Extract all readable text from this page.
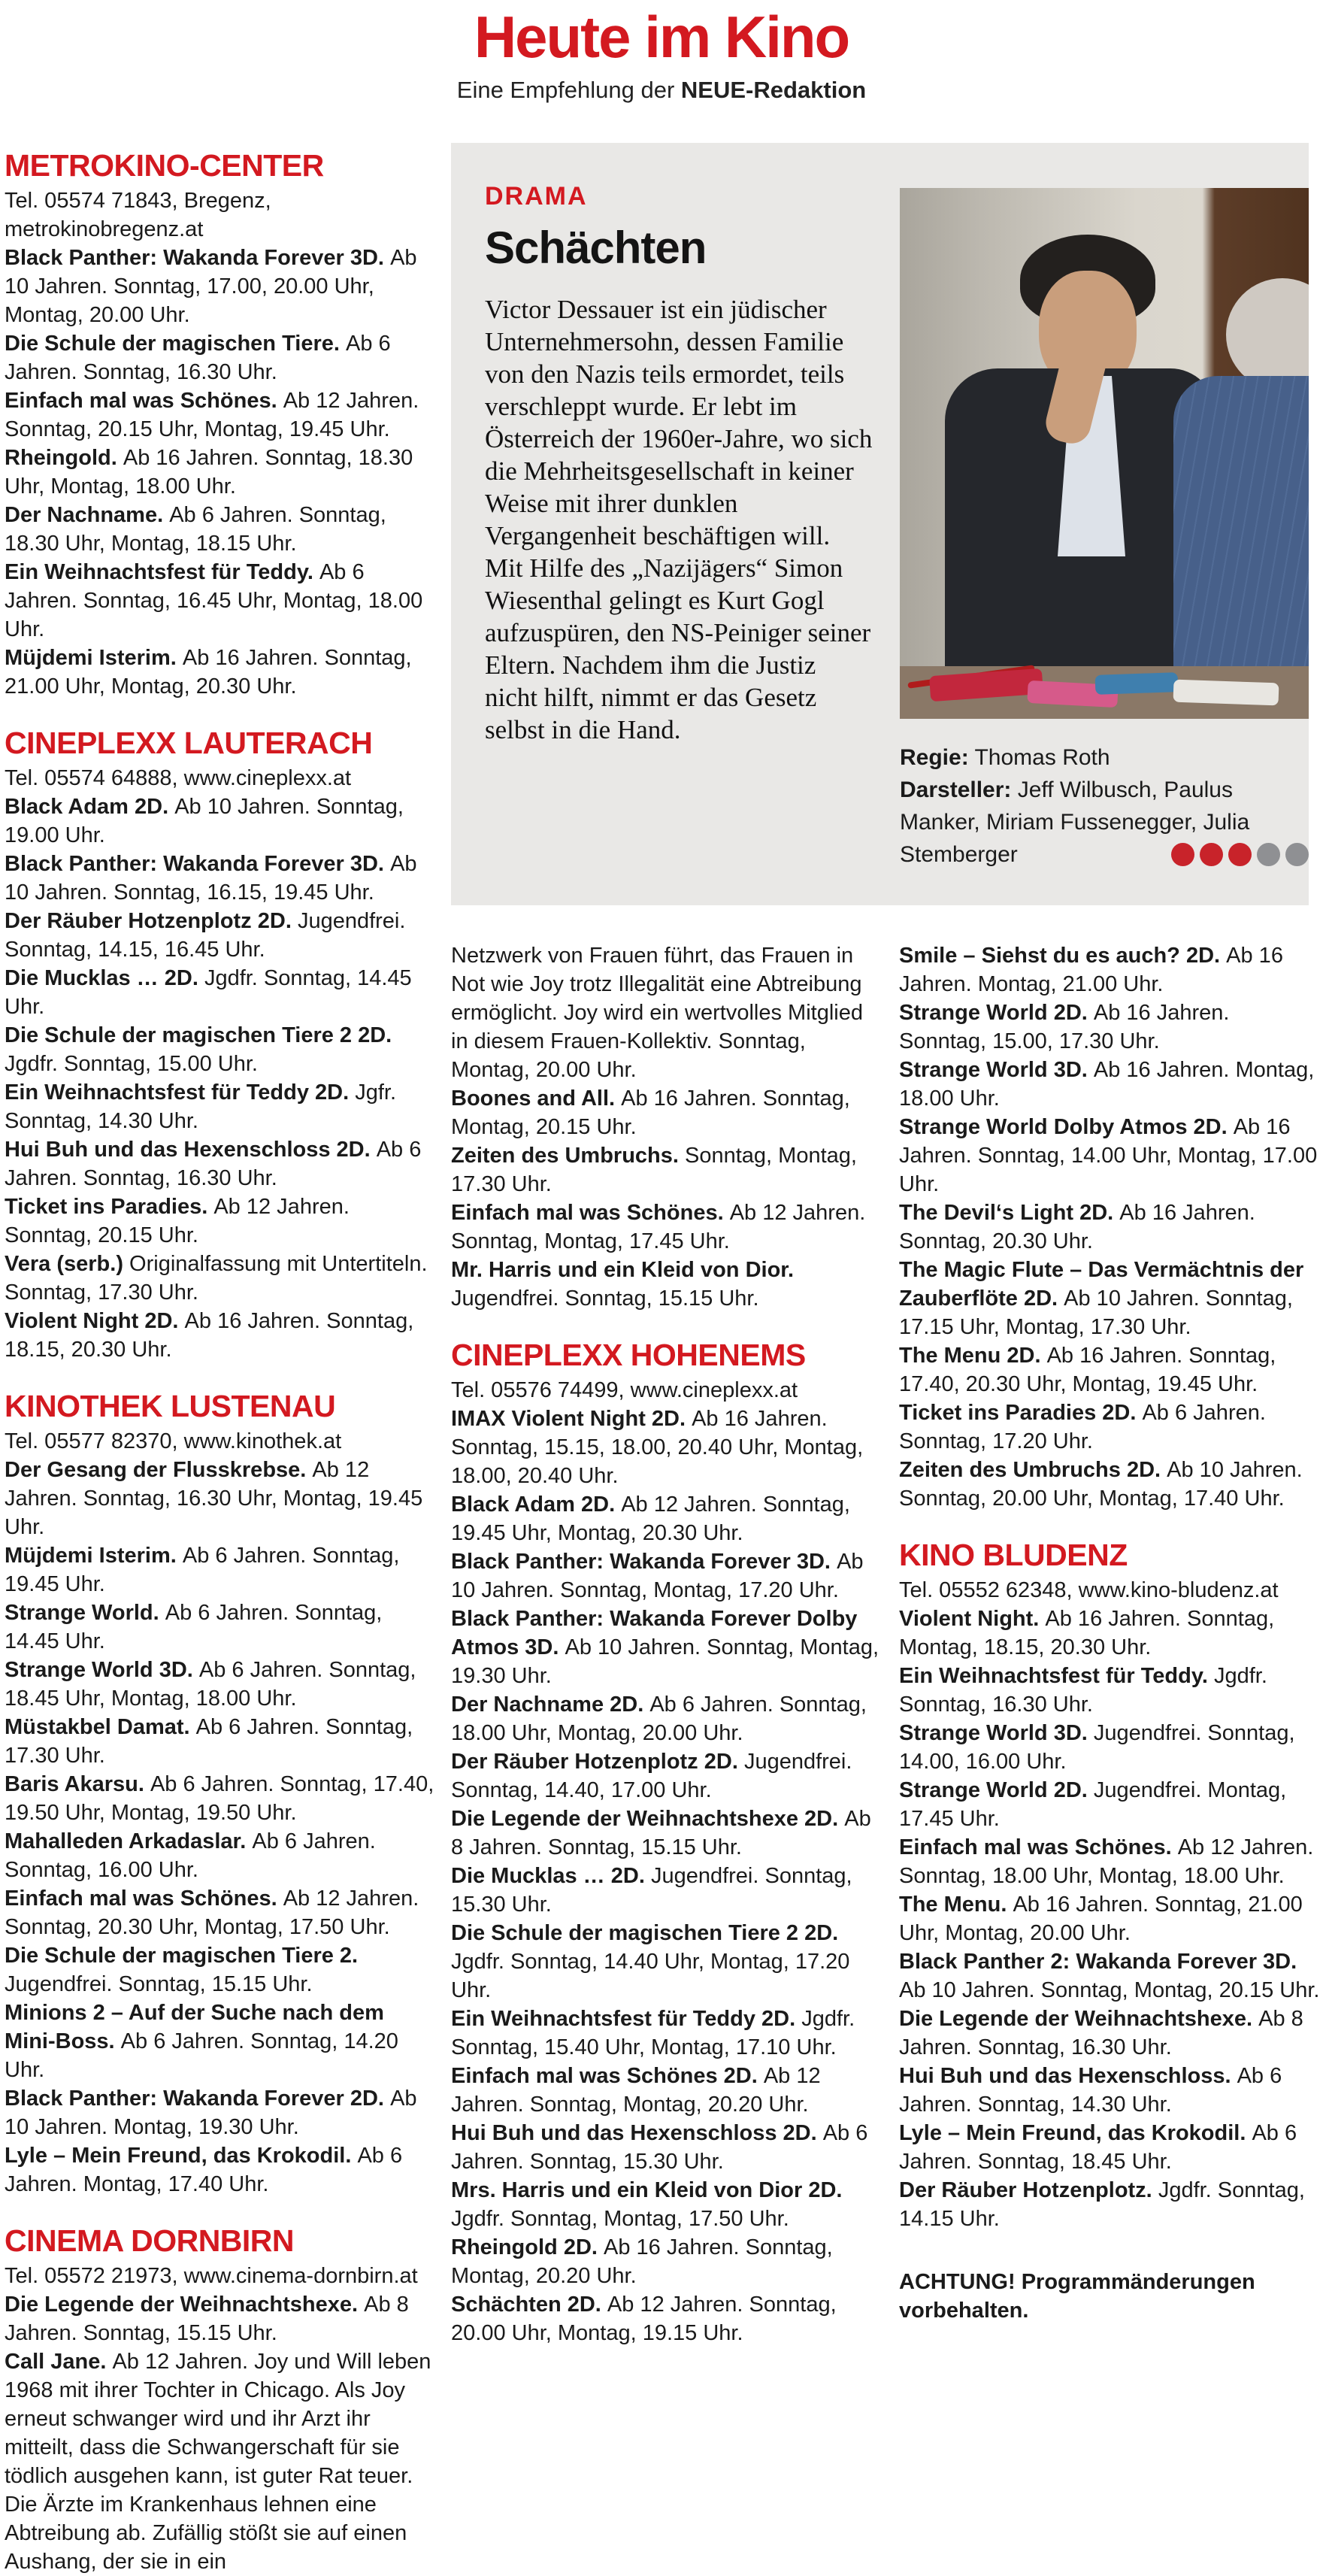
Heute im Kino

Eine Empfehlung der NEUE-Redaktion

DRAMA

Schächten

Victor Dessauer ist ein jüdischer Unternehmersohn, dessen Familie von den Nazis teils ermordet, teils verschleppt wurde. Er lebt im Österreich der 1960er-Jahre, wo sich die Mehrheitsgesellschaft in keiner Weise mit ihrer dunklen Vergangenheit beschäftigen will. Mit Hilfe des „Nazijägers“ Simon Wiesenthal gelingt es Kurt Gogl aufzuspüren, den NS-Peiniger seiner Eltern. Nachdem ihm die Justiz nicht hilft, nimmt er das Gesetz selbst in die Hand.

Regie: Thomas Roth
Darsteller: Jeff Wilbusch, Paulus Manker, Miriam Fussenegger, Julia Stemberger
METROKINO-CENTER

Tel. 05574 71843, Bregenz, metrokinobregenz.at

Black Panther: Wakanda Forever 3D. Ab 10 Jahren. Sonntag, 17.00, 20.00 Uhr, Montag, 20.00 Uhr.

Die Schule der magischen Tiere. Ab 6 Jahren. Sonntag, 16.30 Uhr.

Einfach mal was Schönes. Ab 12 Jahren. Sonntag, 20.15 Uhr, Montag, 19.45 Uhr.

Rheingold. Ab 16 Jahren. Sonntag, 18.30 Uhr, Montag, 18.00 Uhr.

Der Nachname. Ab 6 Jahren. Sonntag, 18.30 Uhr, Montag, 18.15 Uhr.

Ein Weihnachtsfest für Teddy. Ab 6 Jahren. Sonntag, 16.45 Uhr, Montag, 18.00 Uhr.

Müjdemi Isterim. Ab 16 Jahren. Sonntag, 21.00 Uhr, Montag, 20.30 Uhr.

CINEPLEXX LAUTERACH

Tel. 05574 64888, www.cineplexx.at

Black Adam 2D. Ab 10 Jahren. Sonntag, 19.00 Uhr.

Black Panther: Wakanda Forever 3D. Ab 10 Jahren. Sonntag, 16.15, 19.45 Uhr.

Der Räuber Hotzenplotz 2D. Jugendfrei. Sonntag, 14.15, 16.45 Uhr.

Die Mucklas … 2D. Jgdfr. Sonntag, 14.45 Uhr.

Die Schule der magischen Tiere 2 2D. Jgdfr. Sonntag, 15.00 Uhr.

Ein Weihnachtsfest für Teddy 2D. Jgfr. Sonntag, 14.30 Uhr.

Hui Buh und das Hexenschloss 2D. Ab 6 Jahren. Sonntag, 16.30 Uhr.

Ticket ins Paradies. Ab 12 Jahren. Sonntag, 20.15 Uhr.

Vera (serb.) Originalfassung mit Untertiteln. Sonntag, 17.30 Uhr.

Violent Night 2D. Ab 16 Jahren. Sonntag, 18.15, 20.30 Uhr.

KINOTHEK LUSTENAU

Tel. 05577 82370, www.kinothek.at

Der Gesang der Flusskrebse. Ab 12 Jahren. Sonntag, 16.30 Uhr, Montag, 19.45 Uhr.

Müjdemi Isterim. Ab 6 Jahren. Sonntag, 19.45 Uhr.

Strange World. Ab 6 Jahren. Sonntag, 14.45 Uhr.

Strange World 3D. Ab 6 Jahren. Sonntag, 18.45 Uhr, Montag, 18.00 Uhr.

Müstakbel Damat. Ab 6 Jahren. Sonntag, 17.30 Uhr.

Baris Akarsu. Ab 6 Jahren. Sonntag, 17.40, 19.50 Uhr, Montag, 19.50 Uhr.

Mahalleden Arkadaslar. Ab 6 Jahren. Sonntag, 16.00 Uhr.

Einfach mal was Schönes. Ab 12 Jahren. Sonntag, 20.30 Uhr, Montag, 17.50 Uhr.

Die Schule der magischen Tiere 2. Jugendfrei. Sonntag, 15.15 Uhr.

Minions 2 – Auf der Suche nach dem Mini-Boss. Ab 6 Jahren. Sonntag, 14.20 Uhr.

Black Panther: Wakanda Forever 2D. Ab 10 Jahren. Montag, 19.30 Uhr.

Lyle – Mein Freund, das Krokodil. Ab 6 Jahren. Montag, 17.40 Uhr.

CINEMA DORNBIRN

Tel. 05572 21973, www.cinema-dornbirn.at

Die Legende der Weihnachtshexe. Ab 8 Jahren. Sonntag, 15.15 Uhr.

Call Jane. Ab 12 Jahren. Joy und Will leben 1968 mit ihrer Tochter in Chicago. Als Joy erneut schwanger wird und ihr Arzt ihr mitteilt, dass die Schwangerschaft für sie tödlich ausgehen kann, ist guter Rat teuer. Die Ärzte im Krankenhaus lehnen eine Abtreibung ab. Zufällig stößt sie auf einen Aushang, der sie in ein

Netzwerk von Frauen führt, das Frauen in Not wie Joy trotz Illegalität eine Abtreibung ermöglicht. Joy wird ein wertvolles Mitglied in diesem Frauen-Kollektiv. Sonntag, Montag, 20.00 Uhr.

Boones and All. Ab 16 Jahren. Sonntag, Montag, 20.15 Uhr.

Zeiten des Umbruchs. Sonntag, Montag, 17.30 Uhr.

Einfach mal was Schönes. Ab 12 Jahren. Sonntag, Montag, 17.45 Uhr.

Mr. Harris und ein Kleid von Dior. Jugendfrei. Sonntag, 15.15 Uhr.

CINEPLEXX HOHENEMS

Tel. 05576 74499, www.cineplexx.at

IMAX Violent Night 2D. Ab 16 Jahren. Sonntag, 15.15, 18.00, 20.40 Uhr, Montag, 18.00, 20.40 Uhr.

Black Adam 2D. Ab 12 Jahren. Sonntag, 19.45 Uhr, Montag, 20.30 Uhr.

Black Panther: Wakanda Forever 3D. Ab 10 Jahren. Sonntag, Montag, 17.20 Uhr.

Black Panther: Wakanda Forever Dolby Atmos 3D. Ab 10 Jahren. Sonntag, Montag, 19.30 Uhr.

Der Nachname 2D. Ab 6 Jahren. Sonntag, 18.00 Uhr, Montag, 20.00 Uhr.

Der Räuber Hotzenplotz 2D. Jugendfrei. Sonntag, 14.40, 17.00 Uhr.

Die Legende der Weihnachtshexe 2D. Ab 8 Jahren. Sonntag, 15.15 Uhr.

Die Mucklas … 2D. Jugendfrei. Sonntag, 15.30 Uhr.

Die Schule der magischen Tiere 2 2D. Jgdfr. Sonntag, 14.40 Uhr, Montag, 17.20 Uhr.

Ein Weihnachtsfest für Teddy 2D. Jgdfr. Sonntag, 15.40 Uhr, Montag, 17.10 Uhr.

Einfach mal was Schönes 2D. Ab 12 Jahren. Sonntag, Montag, 20.20 Uhr.

Hui Buh und das Hexenschloss 2D. Ab 6 Jahren. Sonntag, 15.30 Uhr.

Mrs. Harris und ein Kleid von Dior 2D. Jgdfr. Sonntag, Montag, 17.50 Uhr.

Rheingold 2D. Ab 16 Jahren. Sonntag, Montag, 20.20 Uhr.

Schächten 2D. Ab 12 Jahren. Sonntag, 20.00 Uhr, Montag, 19.15 Uhr.

Smile – Siehst du es auch? 2D. Ab 16 Jahren. Montag, 21.00 Uhr.

Strange World 2D. Ab 16 Jahren. Sonntag, 15.00, 17.30 Uhr.

Strange World 3D. Ab 16 Jahren. Montag, 18.00 Uhr.

Strange World Dolby Atmos 2D. Ab 16 Jahren. Sonntag, 14.00 Uhr, Montag, 17.00 Uhr.

The Devil‘s Light 2D. Ab 16 Jahren. Sonntag, 20.30 Uhr.

The Magic Flute – Das Vermächtnis der Zauberflöte 2D. Ab 10 Jahren. Sonntag, 17.15 Uhr, Montag, 17.30 Uhr.

The Menu 2D. Ab 16 Jahren. Sonntag, 17.40, 20.30 Uhr, Montag, 19.45 Uhr.

Ticket ins Paradies 2D. Ab 6 Jahren. Sonntag, 17.20 Uhr.

Zeiten des Umbruchs 2D. Ab 10 Jahren. Sonntag, 20.00 Uhr, Montag, 17.40 Uhr.

KINO BLUDENZ

Tel. 05552 62348, www.kino-bludenz.at

Violent Night. Ab 16 Jahren. Sonntag, Montag, 18.15, 20.30 Uhr.

Ein Weihnachtsfest für Teddy. Jgdfr. Sonntag, 16.30 Uhr.

Strange World 3D. Jugendfrei. Sonntag, 14.00, 16.00 Uhr.

Strange World 2D. Jugendfrei. Montag, 17.45 Uhr.

Einfach mal was Schönes. Ab 12 Jahren. Sonntag, 18.00 Uhr, Montag, 18.00 Uhr.

The Menu. Ab 16 Jahren. Sonntag, 21.00 Uhr, Montag, 20.00 Uhr.

Black Panther 2: Wakanda Forever 3D. Ab 10 Jahren. Sonntag, Montag, 20.15 Uhr.

Die Legende der Weihnachtshexe. Ab 8 Jahren. Sonntag, 16.30 Uhr.

Hui Buh und das Hexenschloss. Ab 6 Jahren. Sonntag, 14.30 Uhr.

Lyle – Mein Freund, das Krokodil. Ab 6 Jahren. Sonntag, 18.45 Uhr.

Der Räuber Hotzenplotz. Jgdfr. Sonntag, 14.15 Uhr.

ACHTUNG! Programmänderungen vorbehalten.
